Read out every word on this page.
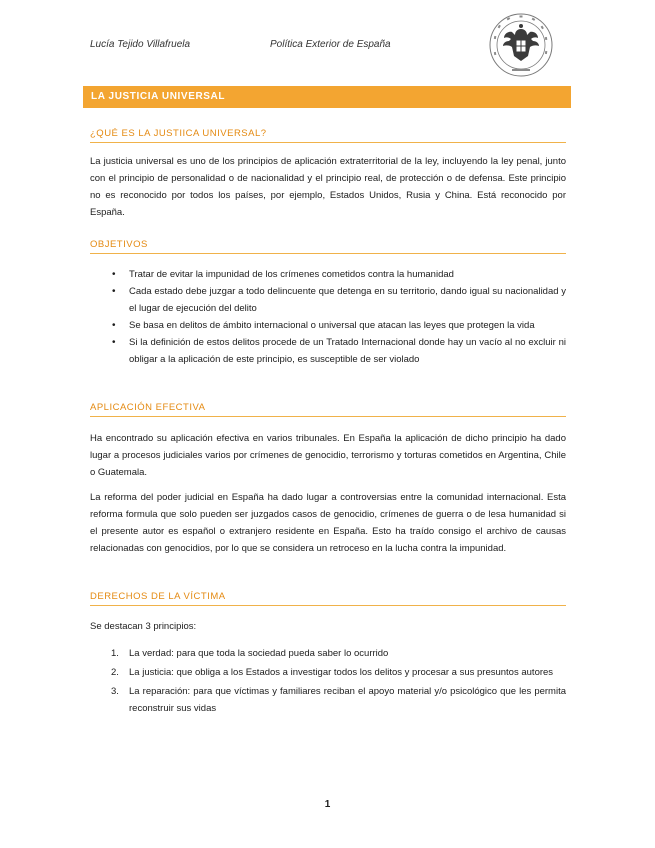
Lucía Tejido Villafruela	Política Exterior de España
LA JUSTICIA UNIVERSAL
¿QUÉ ES LA JUSTIICA UNIVERSAL?

La justicia universal es uno de los principios de aplicación extraterritorial de la ley, incluyendo la ley penal, junto con el principio de personalidad o de nacionalidad y el principio real, de protección o de defensa. Este principio no es reconocido por todos los países, por ejemplo, Estados Unidos, Rusia y China. Está reconocido por España.

OBJETIVOS
• Tratar de evitar la impunidad de los crímenes cometidos contra la humanidad
• Cada estado debe juzgar a todo delincuente que detenga en su territorio, dando igual su nacionalidad y el lugar de ejecución del delito
• Se basa en delitos de ámbito internacional o universal que atacan las leyes que protegen la vida
• Si la definición de estos delitos procede de un Tratado Internacional donde hay un vacío al no excluir ni obligar a la aplicación de este principio, es susceptible de ser violado
APLICACIÓN EFECTIVA

Ha encontrado su aplicación efectiva en varios tribunales. En España la aplicación de dicho principio ha dado lugar a procesos judiciales varios por crímenes de genocidio, terrorismo y torturas cometidos en Argentina, Chile o Guatemala.

La reforma del poder judicial en España ha dado lugar a controversias entre la comunidad internacional. Esta reforma formula que solo pueden ser juzgados casos de genocidio, crímenes de guerra o de lesa humanidad si el presente autor es español o extranjero residente en España. Esto ha traído consigo el archivo de causas relacionadas con genocidios, por lo que se considera un retroceso en la lucha contra la impunidad.

DERECHOS DE LA VÍCTIMA

Se destacan 3 principios:

1. La verdad: para que toda la sociedad pueda saber lo ocurrido
2. La justicia: que obliga a los Estados a investigar todos los delitos y procesar a sus presuntos autores
3. La reparación: para que víctimas y familiares reciban el apoyo material y/o psicológico que les permita reconstruir sus vidas
1
